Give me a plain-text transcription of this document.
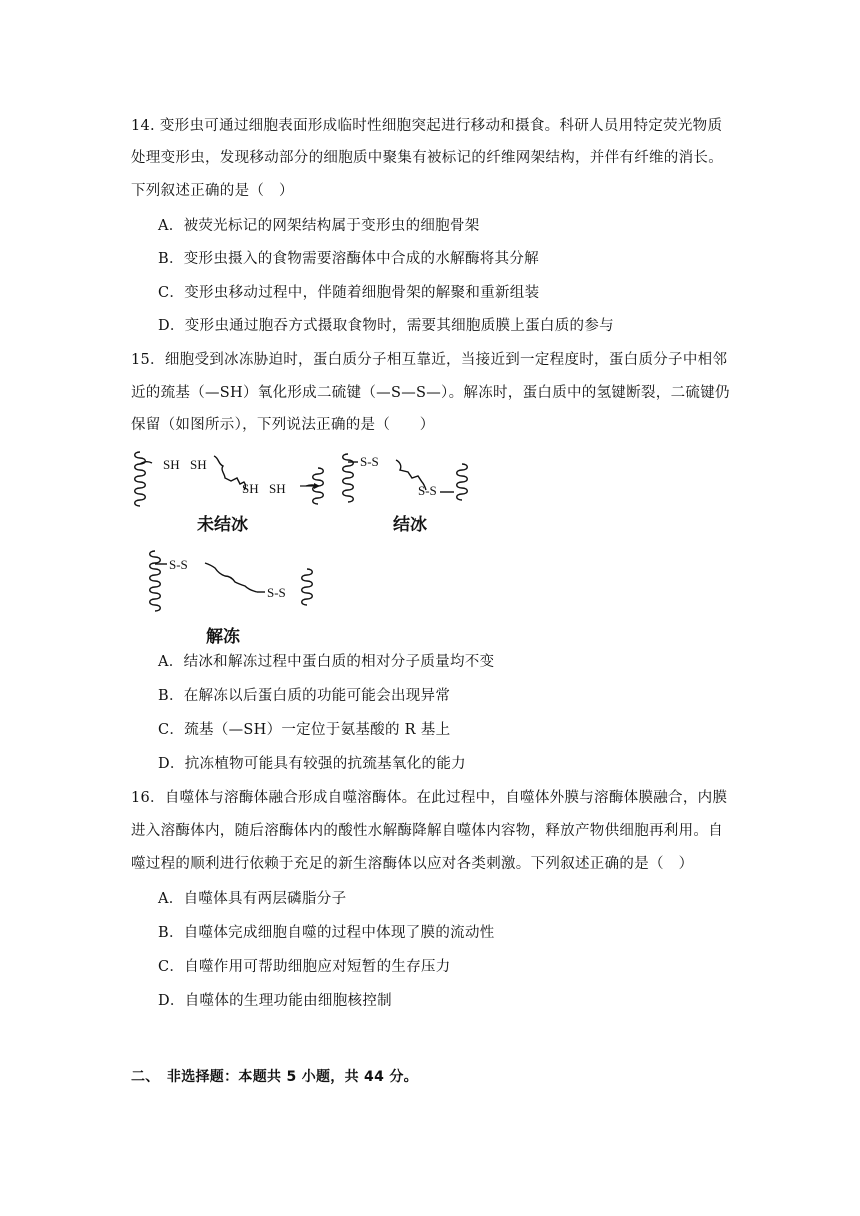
14. 变形虫可通过细胞表面形成临时性细胞突起进行移动和摄食。科研人员用特定荧光物质
处理变形虫，发现移动部分的细胞质中聚集有被标记的纤维网架结构，并伴有纤维的消长。
下列叙述正确的是（　）
A．被荧光标记的网架结构属于变形虫的细胞骨架
B．变形虫摄入的食物需要溶酶体中合成的水解酶将其分解
C．变形虫移动过程中，伴随着细胞骨架的解聚和重新组装
D．变形虫通过胞吞方式摄取食物时，需要其细胞质膜上蛋白质的参与
15．细胞受到冰冻胁迫时，蛋白质分子相互靠近，当接近到一定程度时，蛋白质分子中相邻
近的巯基（—SH）氧化形成二硫键（—S—S—）。解冻时，蛋白质中的氢键断裂，二硫键仍
保留（如图所示），下列说法正确的是（　　）
SH SH
SH SH
S-S
S-S
未结冰	结冰
S-S
S-S
解冻
A．结冰和解冻过程中蛋白质的相对分子质量均不变
B．在解冻以后蛋白质的功能可能会出现异常
C．巯基（—SH）一定位于氨基酸的 R 基上
D．抗冻植物可能具有较强的抗巯基氧化的能力
16．自噬体与溶酶体融合形成自噬溶酶体。在此过程中，自噬体外膜与溶酶体膜融合，内膜
进入溶酶体内，随后溶酶体内的酸性水解酶降解自噬体内容物，释放产物供细胞再利用。自
噬过程的顺利进行依赖于充足的新生溶酶体以应对各类刺激。下列叙述正确的是（　）
A．自噬体具有两层磷脂分子
B．自噬体完成细胞自噬的过程中体现了膜的流动性
C．自噬作用可帮助细胞应对短暂的生存压力
D．自噬体的生理功能由细胞核控制
二、　非选择题：本题共 5 小题，共 44 分。
